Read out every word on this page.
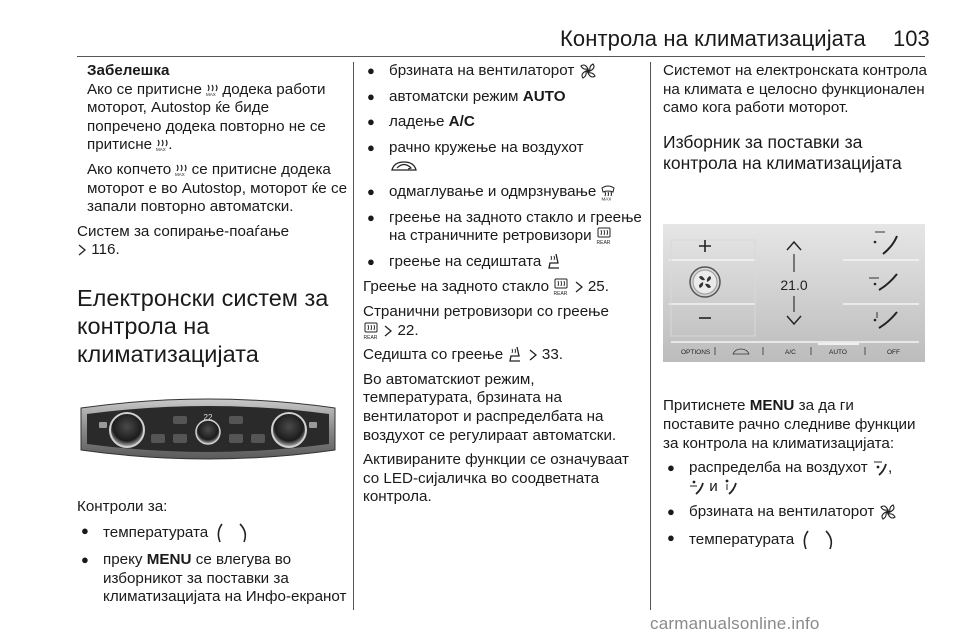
Контрола на климатизацијата 103

Забелешка
Ако се притисне MAX додека работи моторот, Autostop ќе биде попречено додека повторно не се притисне MAX .

Ако копчето MAX се притисне додека моторот е во Autostop, моторот ќе се запали повторно автоматски.

Систем за сопирање-поаѓање

116.

Електронски систем за контрола на климатизацијата
22

Контроли за:

● температурата
● преку MENU се влегува во изборникот за поставки за климатизацијата на Инфо-екранот
● брзината на вентилаторот
● автоматски режим AUTO
● ладење A/C
● рачно кружење на воздухот

● одмаглување и одмрзнување MAX
● греење на задното стакло и греење на страничните ретровизори REAR
● греење на седиштата

Греење на задното стакло REAR
25.

Странични ретровизори со греење

REAR
22.

Седишта со греење
	33.

Во автоматскиот режим, температурата, брзината на вентилаторот и распределбата на воздухот се регулираат автоматски.

Активираните функции се означуваат со LED-сијаличка во соодветната контрола.

Системот на електронската контрола на климата е целосно функционален само кога работи моторот.

Изборник за поставки за контрола на климатизацијата
21.0
OPTIONS	A/C	AUTO	OFF

Притиснете MENU за да ги поставите рачно следниве функции за контрола на климатизацијата:

● распределба на воздухот ,

и
● брзината на вентилаторот
● температурата
carmanualsonline.info
